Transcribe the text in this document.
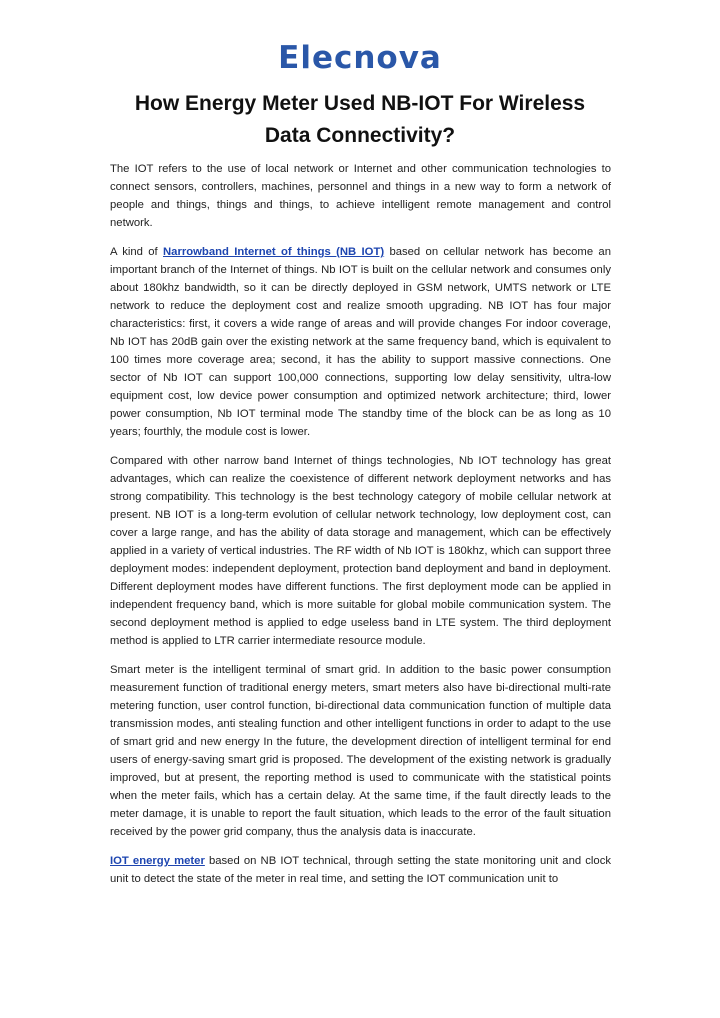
Elecnova
How Energy Meter Used NB-IOT For Wireless Data Connectivity?

The IOT refers to the use of local network or Internet and other communication technologies to connect sensors, controllers, machines, personnel and things in a new way to form a network of people and things, things and things, to achieve intelligent remote management and control network.

A kind of Narrowband Internet of things (NB IOT) based on cellular network has become an important branch of the Internet of things. Nb IOT is built on the cellular network and consumes only about 180khz bandwidth, so it can be directly deployed in GSM network, UMTS network or LTE network to reduce the deployment cost and realize smooth upgrading. NB IOT has four major characteristics: first, it covers a wide range of areas and will provide changes For indoor coverage, Nb IOT has 20dB gain over the existing network at the same frequency band, which is equivalent to 100 times more coverage area; second, it has the ability to support massive connections. One sector of Nb IOT can support 100,000 connections, supporting low delay sensitivity, ultra-low equipment cost, low device power consumption and optimized network architecture; third, lower power consumption, Nb IOT terminal mode The standby time of the block can be as long as 10 years; fourthly, the module cost is lower.

Compared with other narrow band Internet of things technologies, Nb IOT technology has great advantages, which can realize the coexistence of different network deployment networks and has strong compatibility. This technology is the best technology category of mobile cellular network at present. NB IOT is a long-term evolution of cellular network technology, low deployment cost, can cover a large range, and has the ability of data storage and management, which can be effectively applied in a variety of vertical industries. The RF width of Nb IOT is 180khz, which can support three deployment modes: independent deployment, protection band deployment and band in deployment. Different deployment modes have different functions. The first deployment mode can be applied in independent frequency band, which is more suitable for global mobile communication system. The second deployment method is applied to edge useless band in LTE system. The third deployment method is applied to LTR carrier intermediate resource module.

Smart meter is the intelligent terminal of smart grid. In addition to the basic power consumption measurement function of traditional energy meters, smart meters also have bi-directional multi-rate metering function, user control function, bi-directional data communication function of multiple data transmission modes, anti stealing function and other intelligent functions in order to adapt to the use of smart grid and new energy In the future, the development direction of intelligent terminal for end users of energy-saving smart grid is proposed. The development of the existing network is gradually improved, but at present, the reporting method is used to communicate with the statistical points when the meter fails, which has a certain delay. At the same time, if the fault directly leads to the meter damage, it is unable to report the fault situation, which leads to the error of the fault situation received by the power grid company, thus the analysis data is inaccurate.

IOT energy meter based on NB IOT technical, through setting the state monitoring unit and clock unit to detect the state of the meter in real time, and setting the IOT communication unit to
